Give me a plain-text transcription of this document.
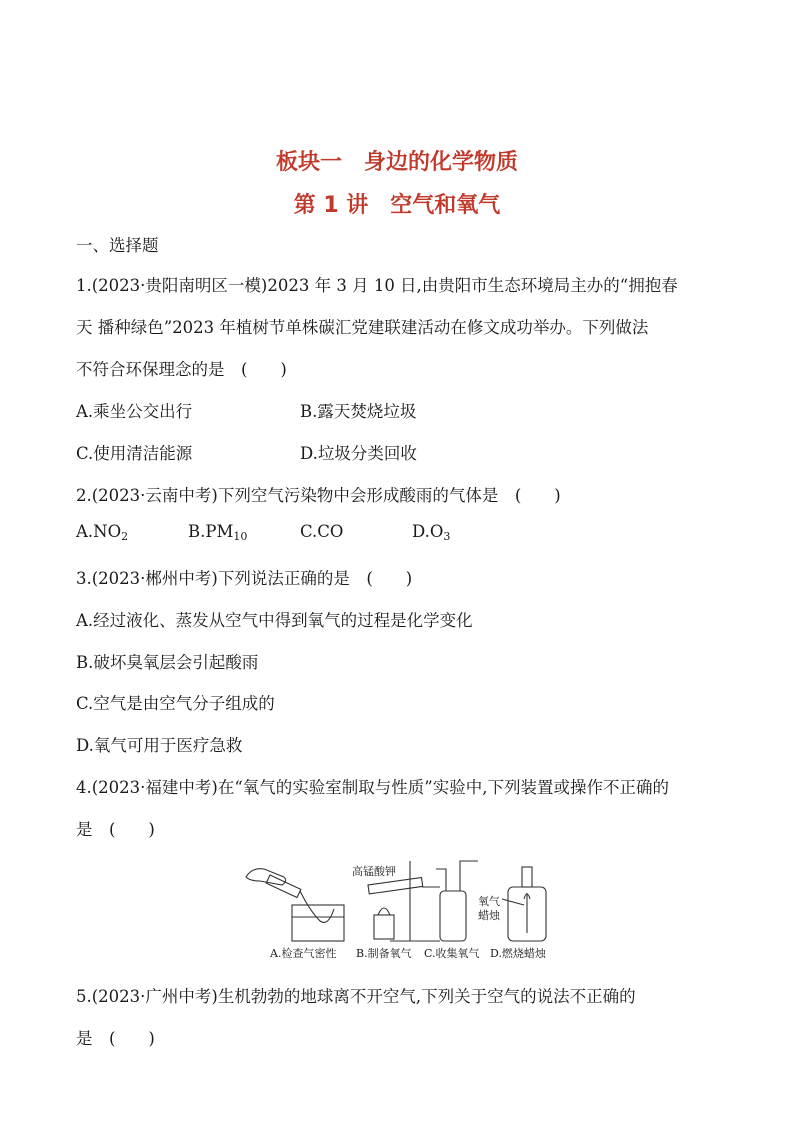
板块一　身边的化学物质
第 1 讲　空气和氧气
一、选择题
1.(2023·贵阳南明区一模)2023 年 3 月 10 日,由贵阳市生态环境局主办的“拥抱春
天 播种绿色”2023 年植树节单株碳汇党建联建活动在修文成功举办。下列做法
不符合环保理念的是　(　　)
A.乘坐公交出行	B.露天焚烧垃圾
C.使用清洁能源	D.垃圾分类回收
2.(2023·云南中考)下列空气污染物中会形成酸雨的气体是　(　　)
$A.NO_2$	$B.PM_{10}$	C.CO	$D.O_3$
3.(2023·郴州中考)下列说法正确的是　(　　)
A.经过液化、蒸发从空气中得到氧气的过程是化学变化
B.破坏臭氧层会引起酸雨
C.空气是由空气分子组成的
D.氧气可用于医疗急救
4.(2023·福建中考)在“氧气的实验室制取与性质”实验中,下列装置或操作不正确的
是　(　　)
高锰酸钾
氧气
蜡烛
A.检查气密性 B.制备氧气 C.收集氧气 D.燃烧蜡烛
5.(2023·广州中考)生机勃勃的地球离不开空气,下列关于空气的说法不正确的
是　(　　)
